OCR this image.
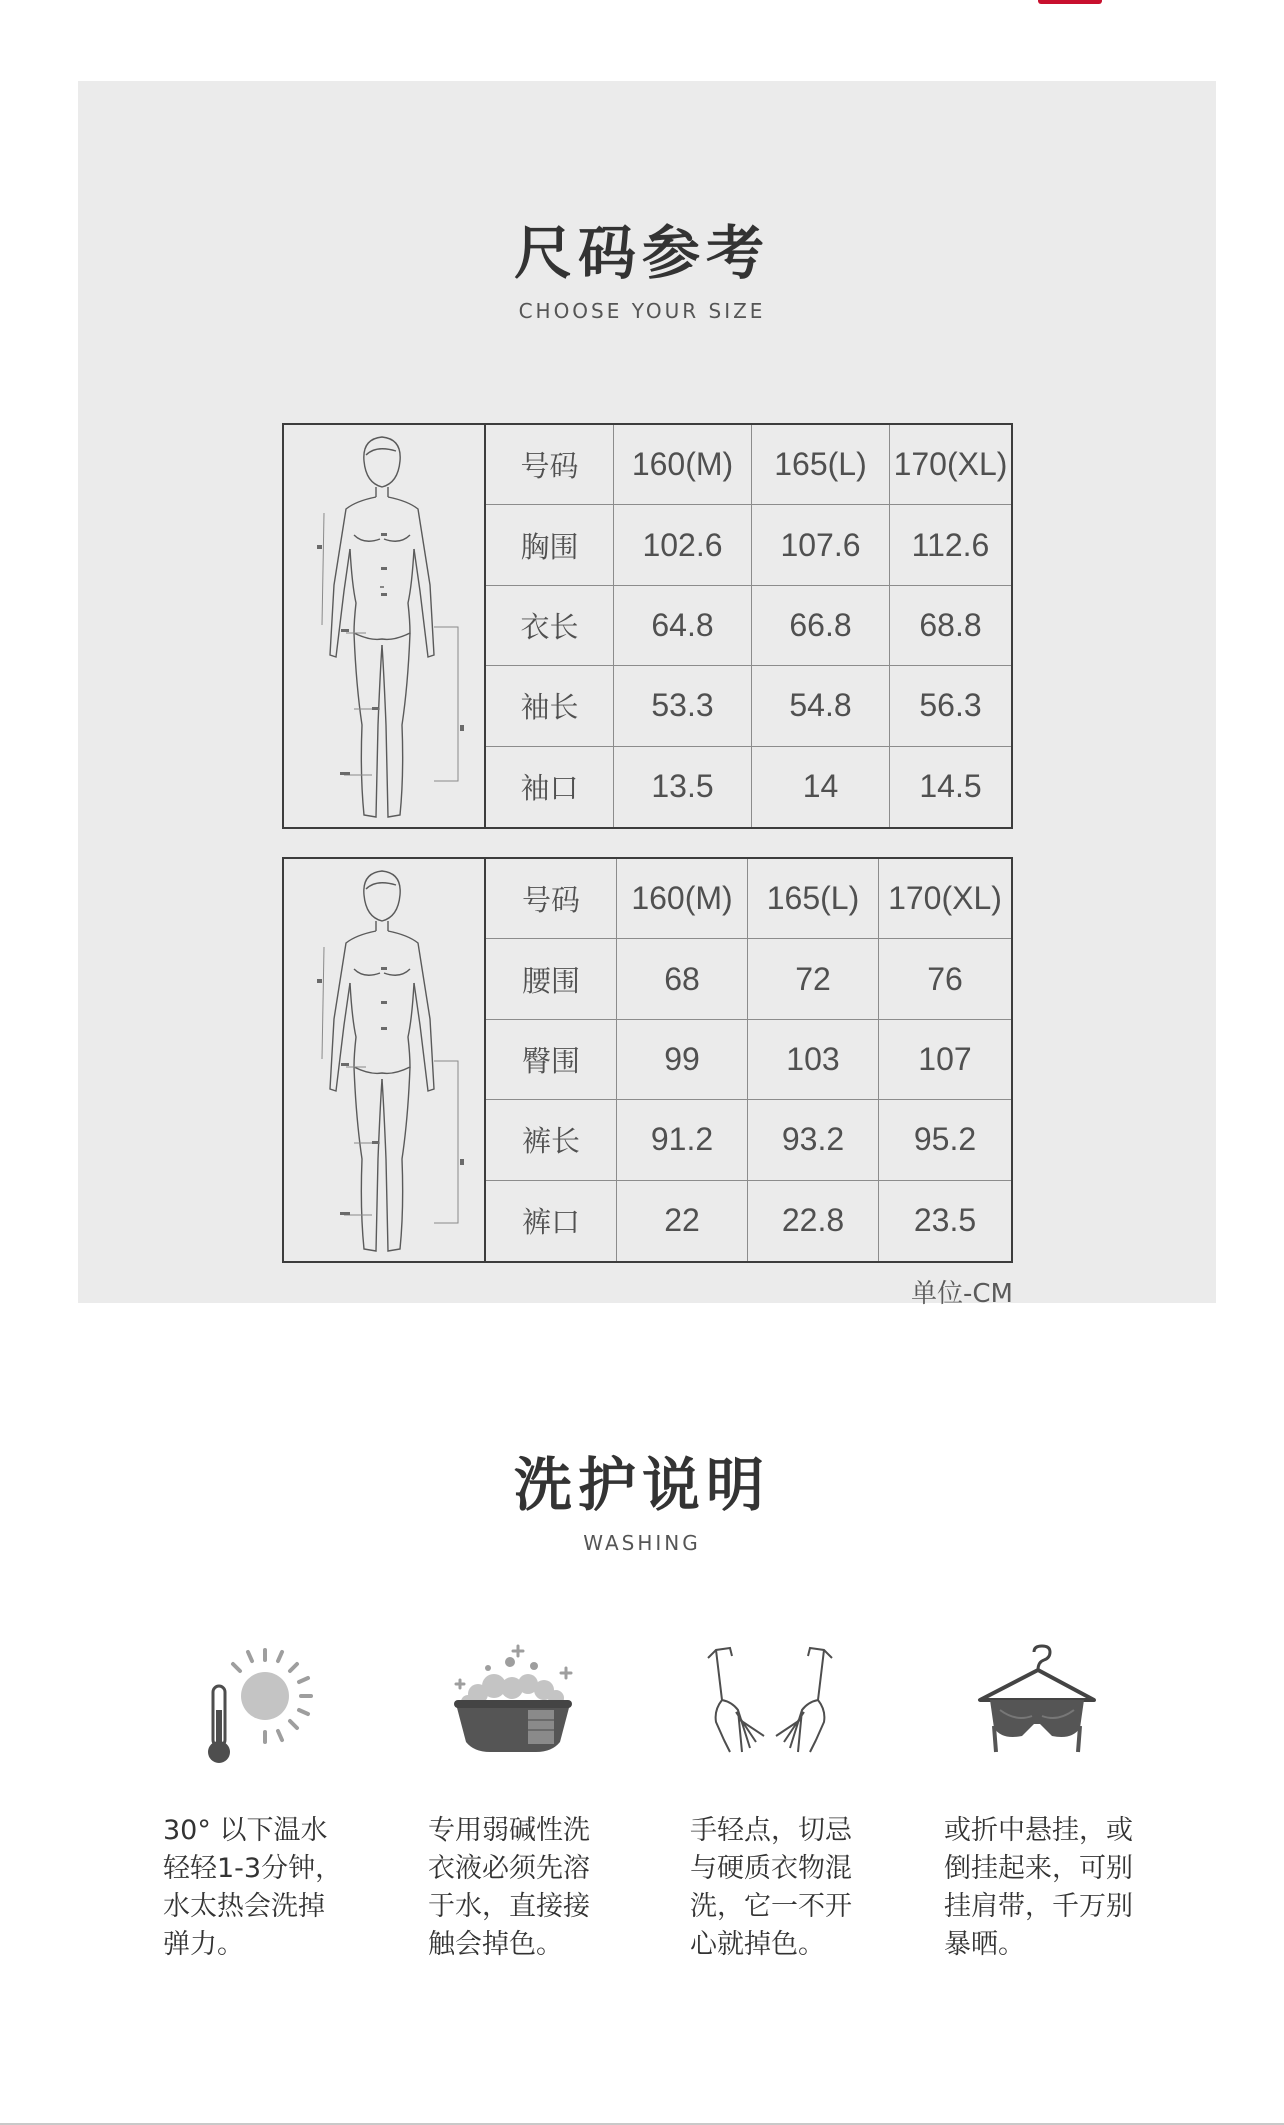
尺码参考
CHOOSE YOUR SIZE
号码	160(M)	165(L) 170(XL)
胸围	102.6	107.6	112.6
衣长	64.8	66.8	68.8
袖长	53.3	54.8	56.3
袖口	13.5	14	14.5
号码	160(M)	165(L) 170(XL)
腰围	68	72	76
臀围	99	103	107
裤长	91.2	93.2	95.2
裤口	22	22.8	23.5
单位-CM
洗护说明
WASHING
30° 以下温水
轻轻1-3分钟，
水太热会洗掉
弹力。
专用弱碱性洗
衣液必须先溶
于水，直接接
触会掉色。
手轻点，切忌
与硬质衣物混
洗，它一不开
心就掉色。
或折中悬挂，或
倒挂起来，可别
挂肩带，千万别
暴晒。
